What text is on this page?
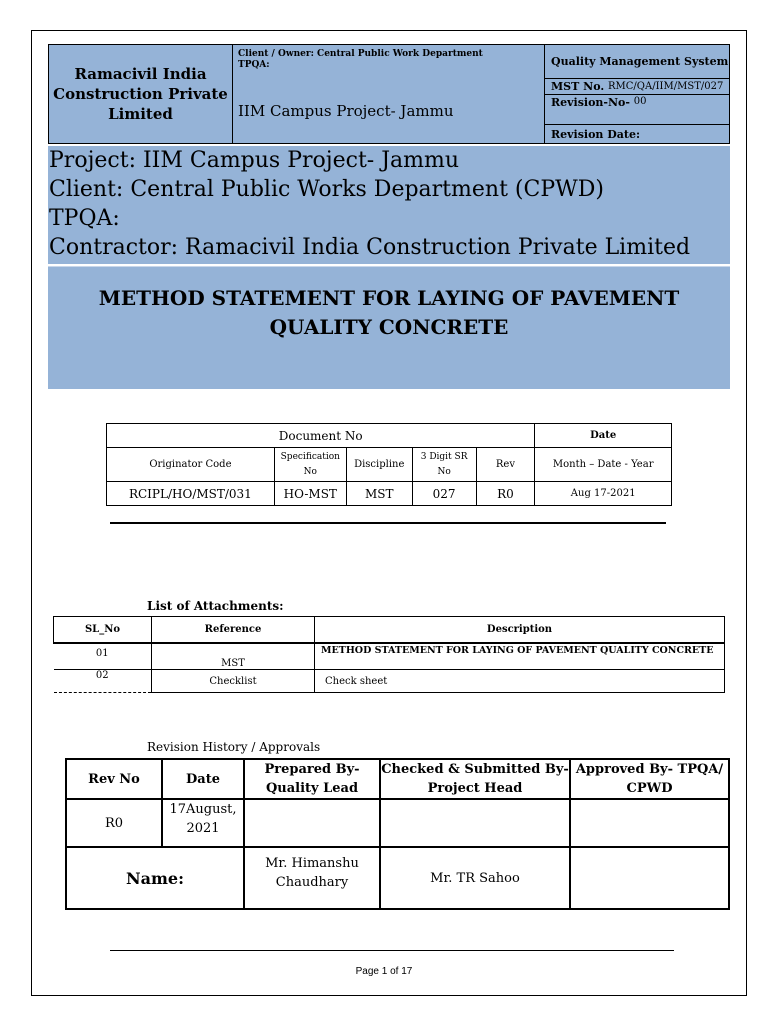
Ramacivil India Construction Private Limited
Client / Owner: Central Public Work Department
TPQA:
IIM Campus Project- Jammu
Quality Management System
MST No.
RMC/QA/IIM/MST/027
Revision-No-
00
Revision Date:
Project: IIM Campus Project- Jammu
Client: Central Public Works Department (CPWD)
TPQA:
Contractor: Ramacivil India Construction Private Limited
METHOD STATEMENT FOR LAYING OF PAVEMENT
QUALITY CONCRETE
Document No					Date
Originator Code	Specification No	Discipline	3 Digit SR No	Rev	Month – Date - Year
RCIPL/HO/MST/031	HO-MST	MST	027	R0	Aug 17-2021
List of Attachments:
SL_No	Reference	Description
01	MST	METHOD STATEMENT FOR LAYING OF PAVEMENT QUALITY CONCRETE
02	Checklist	Check sheet
Revision History / Approvals
Rev No	Date	Prepared By- Quality Lead	Checked & Submitted By- Project Head	Approved By- TPQA/ CPWD
R0	17August, 2021			
Name:		Mr. Himanshu Chaudhary	Mr. TR Sahoo	
Page 1 of 17
